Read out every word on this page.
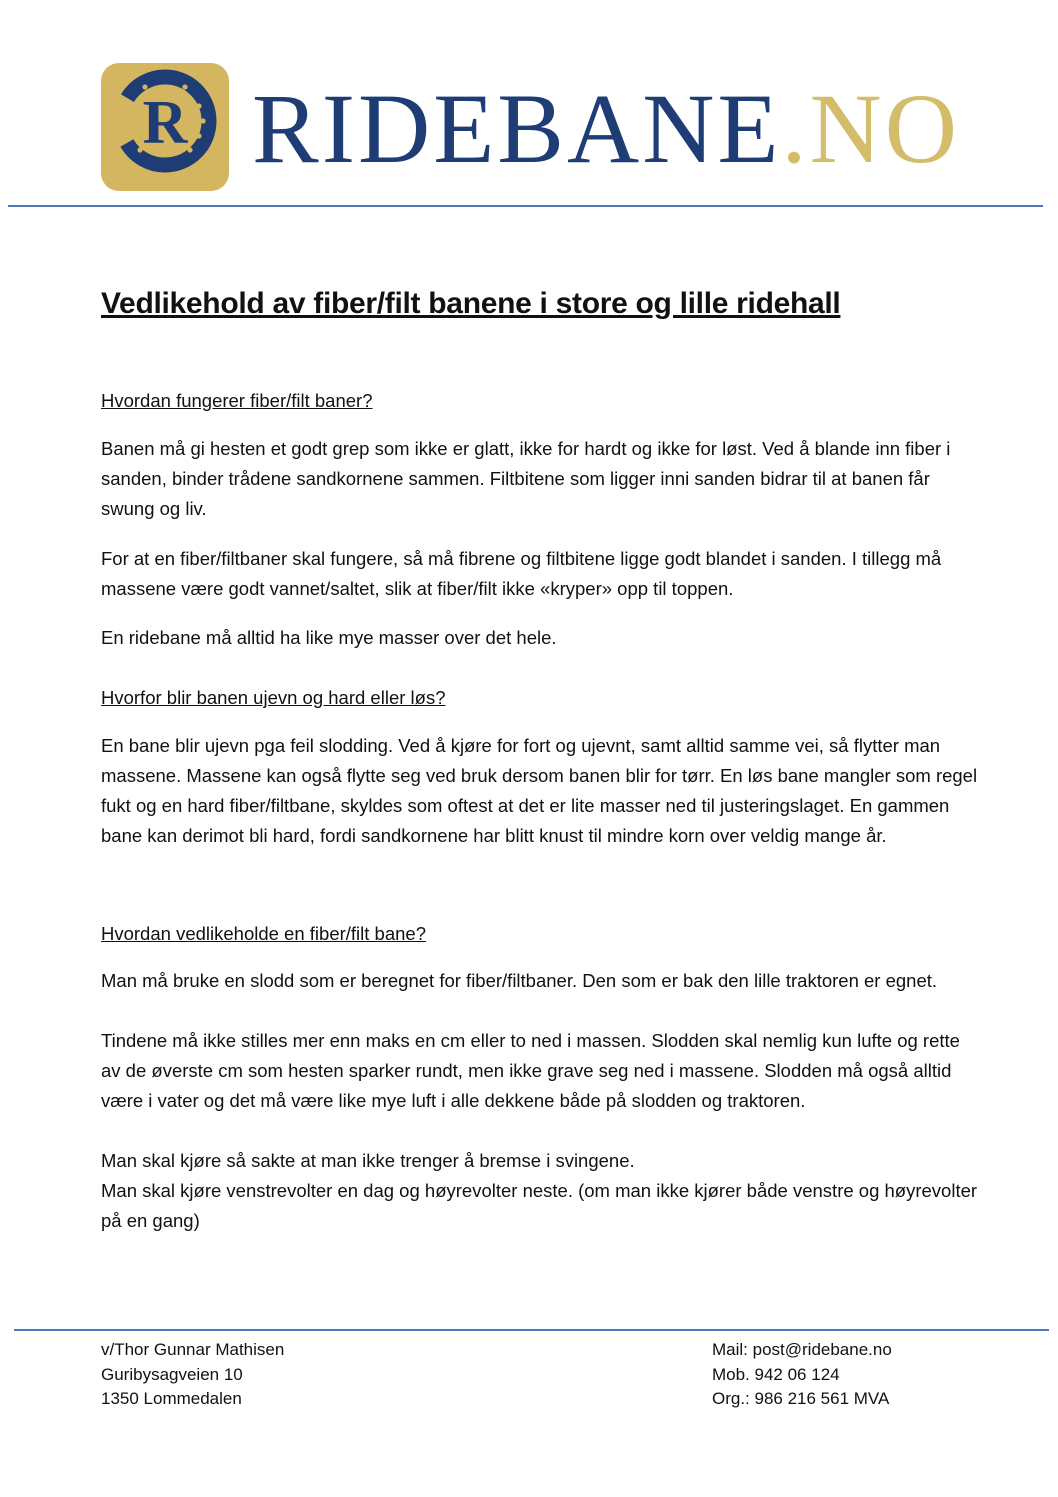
R RIDEBANE.NO
Vedlikehold av fiber/filt banene i store og lille ridehall

Hvordan fungerer fiber/filt baner?

Banen må gi hesten et godt grep som ikke er glatt, ikke for hardt og ikke for løst. Ved å blande inn fiber i sanden, binder trådene sandkornene sammen. Filtbitene som ligger inni sanden bidrar til at banen får swung og liv.

For at en fiber/filtbaner skal fungere, så må fibrene og filtbitene ligge godt blandet i sanden. I tillegg må massene være godt vannet/saltet, slik at fiber/filt ikke «kryper» opp til toppen.

En ridebane må alltid ha like mye masser over det hele.

Hvorfor blir banen ujevn og hard eller løs?

En bane blir ujevn pga feil slodding. Ved å kjøre for fort og ujevnt, samt alltid samme vei, så flytter man massene. Massene kan også flytte seg ved bruk dersom banen blir for tørr. En løs bane mangler som regel fukt og en hard fiber/filtbane, skyldes som oftest at det er lite masser ned til justeringslaget. En gammen bane kan derimot bli hard, fordi sandkornene har blitt knust til mindre korn over veldig mange år.

Hvordan vedlikeholde en fiber/filt bane?

Man må bruke en slodd som er beregnet for fiber/filtbaner. Den som er bak den lille traktoren er egnet.

Tindene må ikke stilles mer enn maks en cm eller to ned i massen. Slodden skal nemlig kun lufte og rette av de øverste cm som hesten sparker rundt, men ikke grave seg ned i massene. Slodden må også alltid være i vater og det må være like mye luft i alle dekkene både på slodden og traktoren.

Man skal kjøre så sakte at man ikke trenger å bremse i svingene.

Man skal kjøre venstrevolter en dag og høyrevolter neste. (om man ikke kjører både venstre og høyrevolter på en gang)

v/Thor Gunnar Mathisen
Guribysagveien 10
1350 Lommedalen
Mail: post@ridebane.no
Mob. 942 06 124
Org.: 986 216 561 MVA
